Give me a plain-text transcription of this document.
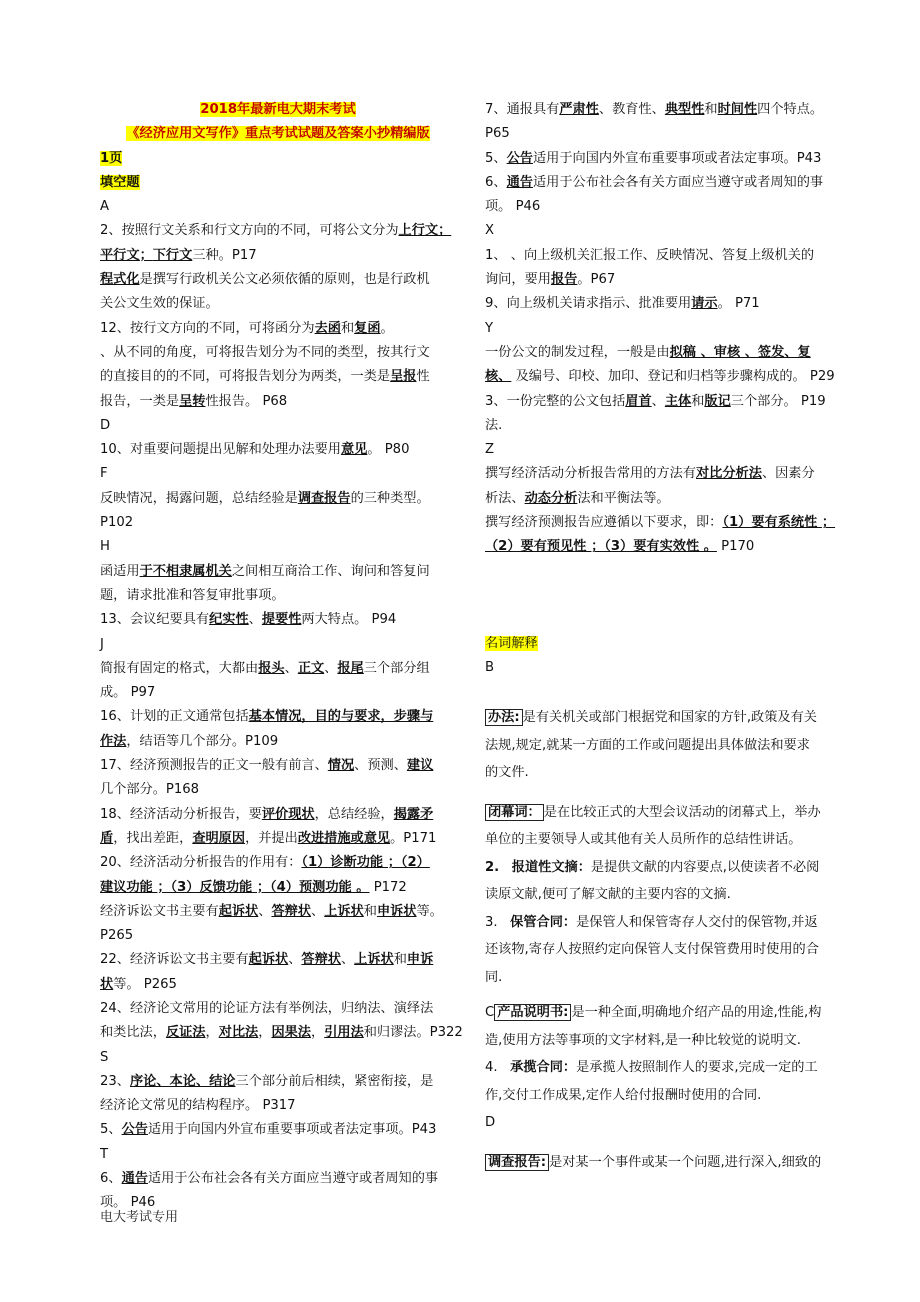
2018年最新电大期末考试
《经济应用文写作》重点考试试题及答案小抄精编版
1页
填空题
A
2、按照行文关系和行文方向的不同，可将公文分为上行文；
平行文；下行文三种。P17
程式化是撰写行政机关公文必须依循的原则，也是行政机
关公文生效的保证。
12、按行文方向的不同，可将函分为去函和复函。
、从不同的角度，可将报告划分为不同的类型，按其行文
的直接目的的不同，可将报告划分为两类，一类是呈报性
报告，一类是呈转性报告。 P68
D
10、对重要问题提出见解和处理办法要用意见。 P80
F
反映情况，揭露问题，总结经验是调查报告的三种类型。
P102
H
函适用于不相隶属机关之间相互商洽工作、询问和答复问
题，请求批准和答复审批事项。
13、会议纪要具有纪实性、提要性两大特点。 P94
J
简报有固定的格式，大都由报头、正文、报尾三个部分组
成。 P97
16、计划的正文通常包括基本情况，目的与要求，步骤与
作法，结语等几个部分。P109
17、经济预测报告的正文一般有前言、情况、预测、建议
几个部分。P168
18、经济活动分析报告，要评价现状，总结经验，揭露矛
盾，找出差距，查明原因，并提出改进措施或意见。P171
20、经济活动分析报告的作用有：（1）诊断功能 ；（2）
建议功能 ；（3）反馈功能 ；（4）预测功能 。 P172
经济诉讼文书主要有起诉状、答辩状、上诉状和申诉状等。
P265
22、经济诉讼文书主要有起诉状、答辩状、上诉状和申诉
状等。 P265
24、经济论文常用的论证方法有举例法，归纳法、演绎法
和类比法，反证法，对比法，因果法，引用法和归谬法。P322
S
23、序论、本论、结论三个部分前后相续，紧密衔接，是
经济论文常见的结构程序。 P317
5、公告适用于向国内外宣布重要事项或者法定事项。P43
T
6、通告适用于公布社会各有关方面应当遵守或者周知的事
项。 P46
7、通报具有严肃性、教育性、典型性和时间性四个特点。
P65
5、公告适用于向国内外宣布重要事项或者法定事项。P43
6、通告适用于公布社会各有关方面应当遵守或者周知的事
项。 P46
X
1、 、向上级机关汇报工作、反映情况、答复上级机关的
询问，要用报告。P67
9、向上级机关请求指示、批准要用请示。 P71
Y
一份公文的制发过程，一般是由拟稿 、审核 、签发、复
核、 及编号、印校、加印、登记和归档等步骤构成的。 P29
3、一份完整的公文包括眉首、主体和版记三个部分。 P19
法.
Z
撰写经济活动分析报告常用的方法有对比分析法、因素分
析法、动态分析法和平衡法等。
撰写经济预测报告应遵循以下要求，即：（1）要有系统性 ；
（2）要有预见性 ；（3）要有实效性 。 P170
名词解释
B
办法: 是有关机关或部门根据党和国家的方针,政策及有关
法规,规定,就某一方面的工作或问题提出具体做法和要求
的文件.
闭幕词： 是在比较正式的大型会议活动的闭幕式上，举办
单位的主要领导人或其他有关人员所作的总结性讲话。
2. 报道性文摘：是提供文献的内容要点,以使读者不必阅
读原文献,便可了解文献的主要内容的文摘.
3. 保管合同：是保管人和保管寄存人交付的保管物,并返
还该物,寄存人按照约定向保管人支付保管费用时使用的合
同.
C 产品说明书: 是一种全面,明确地介绍产品的用途,性能,构
造,使用方法等事项的文字材料,是一种比较觉的说明文.
4. 承揽合同：是承揽人按照制作人的要求,完成一定的工
作,交付工作成果,定作人给付报酬时使用的合同.
D
调查报告: 是对某一个事件或某一个问题,进行深入,细致的
电大考试专用
